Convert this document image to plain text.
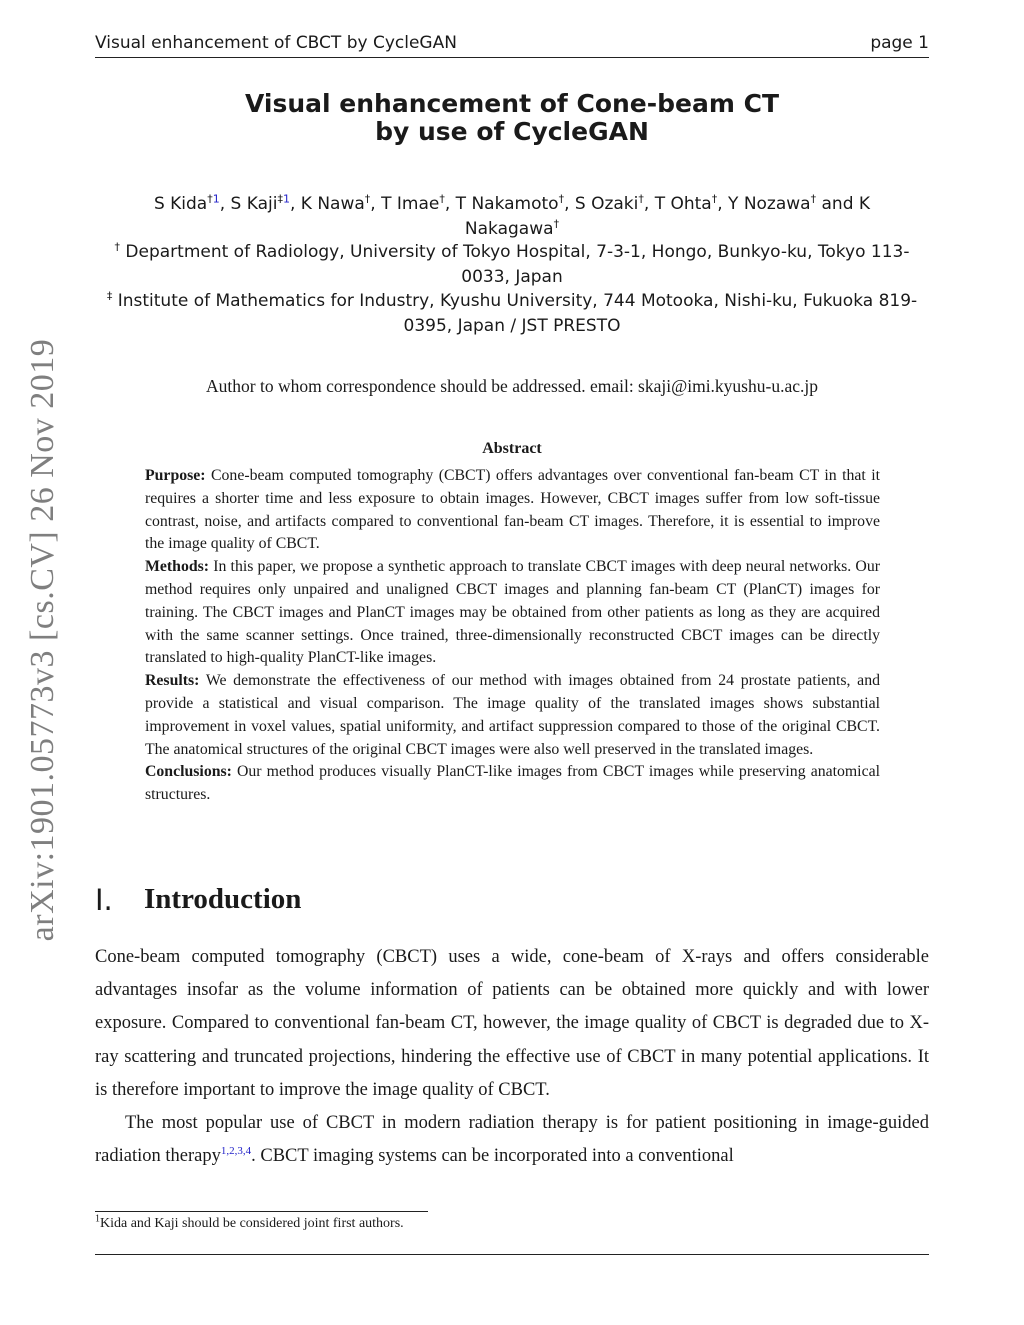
Visual enhancement of CBCT by CycleGAN	page 1
arXiv:1901.05773v3 [cs.CV] 26 Nov 2019
Visual enhancement of Cone-beam CT
by use of CycleGAN
S Kida$^{\dagger 1}$, S Kaji$^{\ddagger 1}$, K Nawa†, T Imae†, T Nakamoto†, S Ozaki†, T Ohta†, Y Nozawa† and K Nakagawa†
† Department of Radiology, University of Tokyo Hospital, 7-3-1, Hongo, Bunkyo-ku, Tokyo 113-0033, Japan
‡ Institute of Mathematics for Industry, Kyushu University, 744 Motooka, Nishi-ku, Fukuoka 819-0395, Japan / JST PRESTO
Author to whom correspondence should be addressed. email: skaji@imi.kyushu-u.ac.jp
Abstract

Purpose: Cone-beam computed tomography (CBCT) offers advantages over conventional fan-beam CT in that it requires a shorter time and less exposure to obtain images. However, CBCT images suffer from low soft-tissue contrast, noise, and artifacts compared to conventional fan-beam CT images. Therefore, it is essential to improve the image quality of CBCT.

Methods: In this paper, we propose a synthetic approach to translate CBCT images with deep neural networks. Our method requires only unpaired and unaligned CBCT images and planning fan-beam CT (PlanCT) images for training. The CBCT images and PlanCT images may be obtained from other patients as long as they are acquired with the same scanner settings. Once trained, three-dimensionally reconstructed CBCT images can be directly translated to high-quality PlanCT-like images.

Results: We demonstrate the effectiveness of our method with images obtained from 24 prostate patients, and provide a statistical and visual comparison. The image quality of the translated images shows substantial improvement in voxel values, spatial uniformity, and artifact suppression compared to those of the original CBCT. The anatomical structures of the original CBCT images were also well preserved in the translated images.

Conclusions: Our method produces visually PlanCT-like images from CBCT images while preserving anatomical structures.

I. Introduction

Cone-beam computed tomography (CBCT) uses a wide, cone-beam of X-rays and offers considerable advantages insofar as the volume information of patients can be obtained more quickly and with lower exposure. Compared to conventional fan-beam CT, however, the image quality of CBCT is degraded due to X-ray scattering and truncated projections, hindering the effective use of CBCT in many potential applications. It is therefore important to improve the image quality of CBCT.

The most popular use of CBCT in modern radiation therapy is for patient positioning in image-guided radiation therapy$^{1,2,3,4}$. CBCT imaging systems can be incorporated into a conventional

$^1$Kida and Kaji should be considered joint first authors.
